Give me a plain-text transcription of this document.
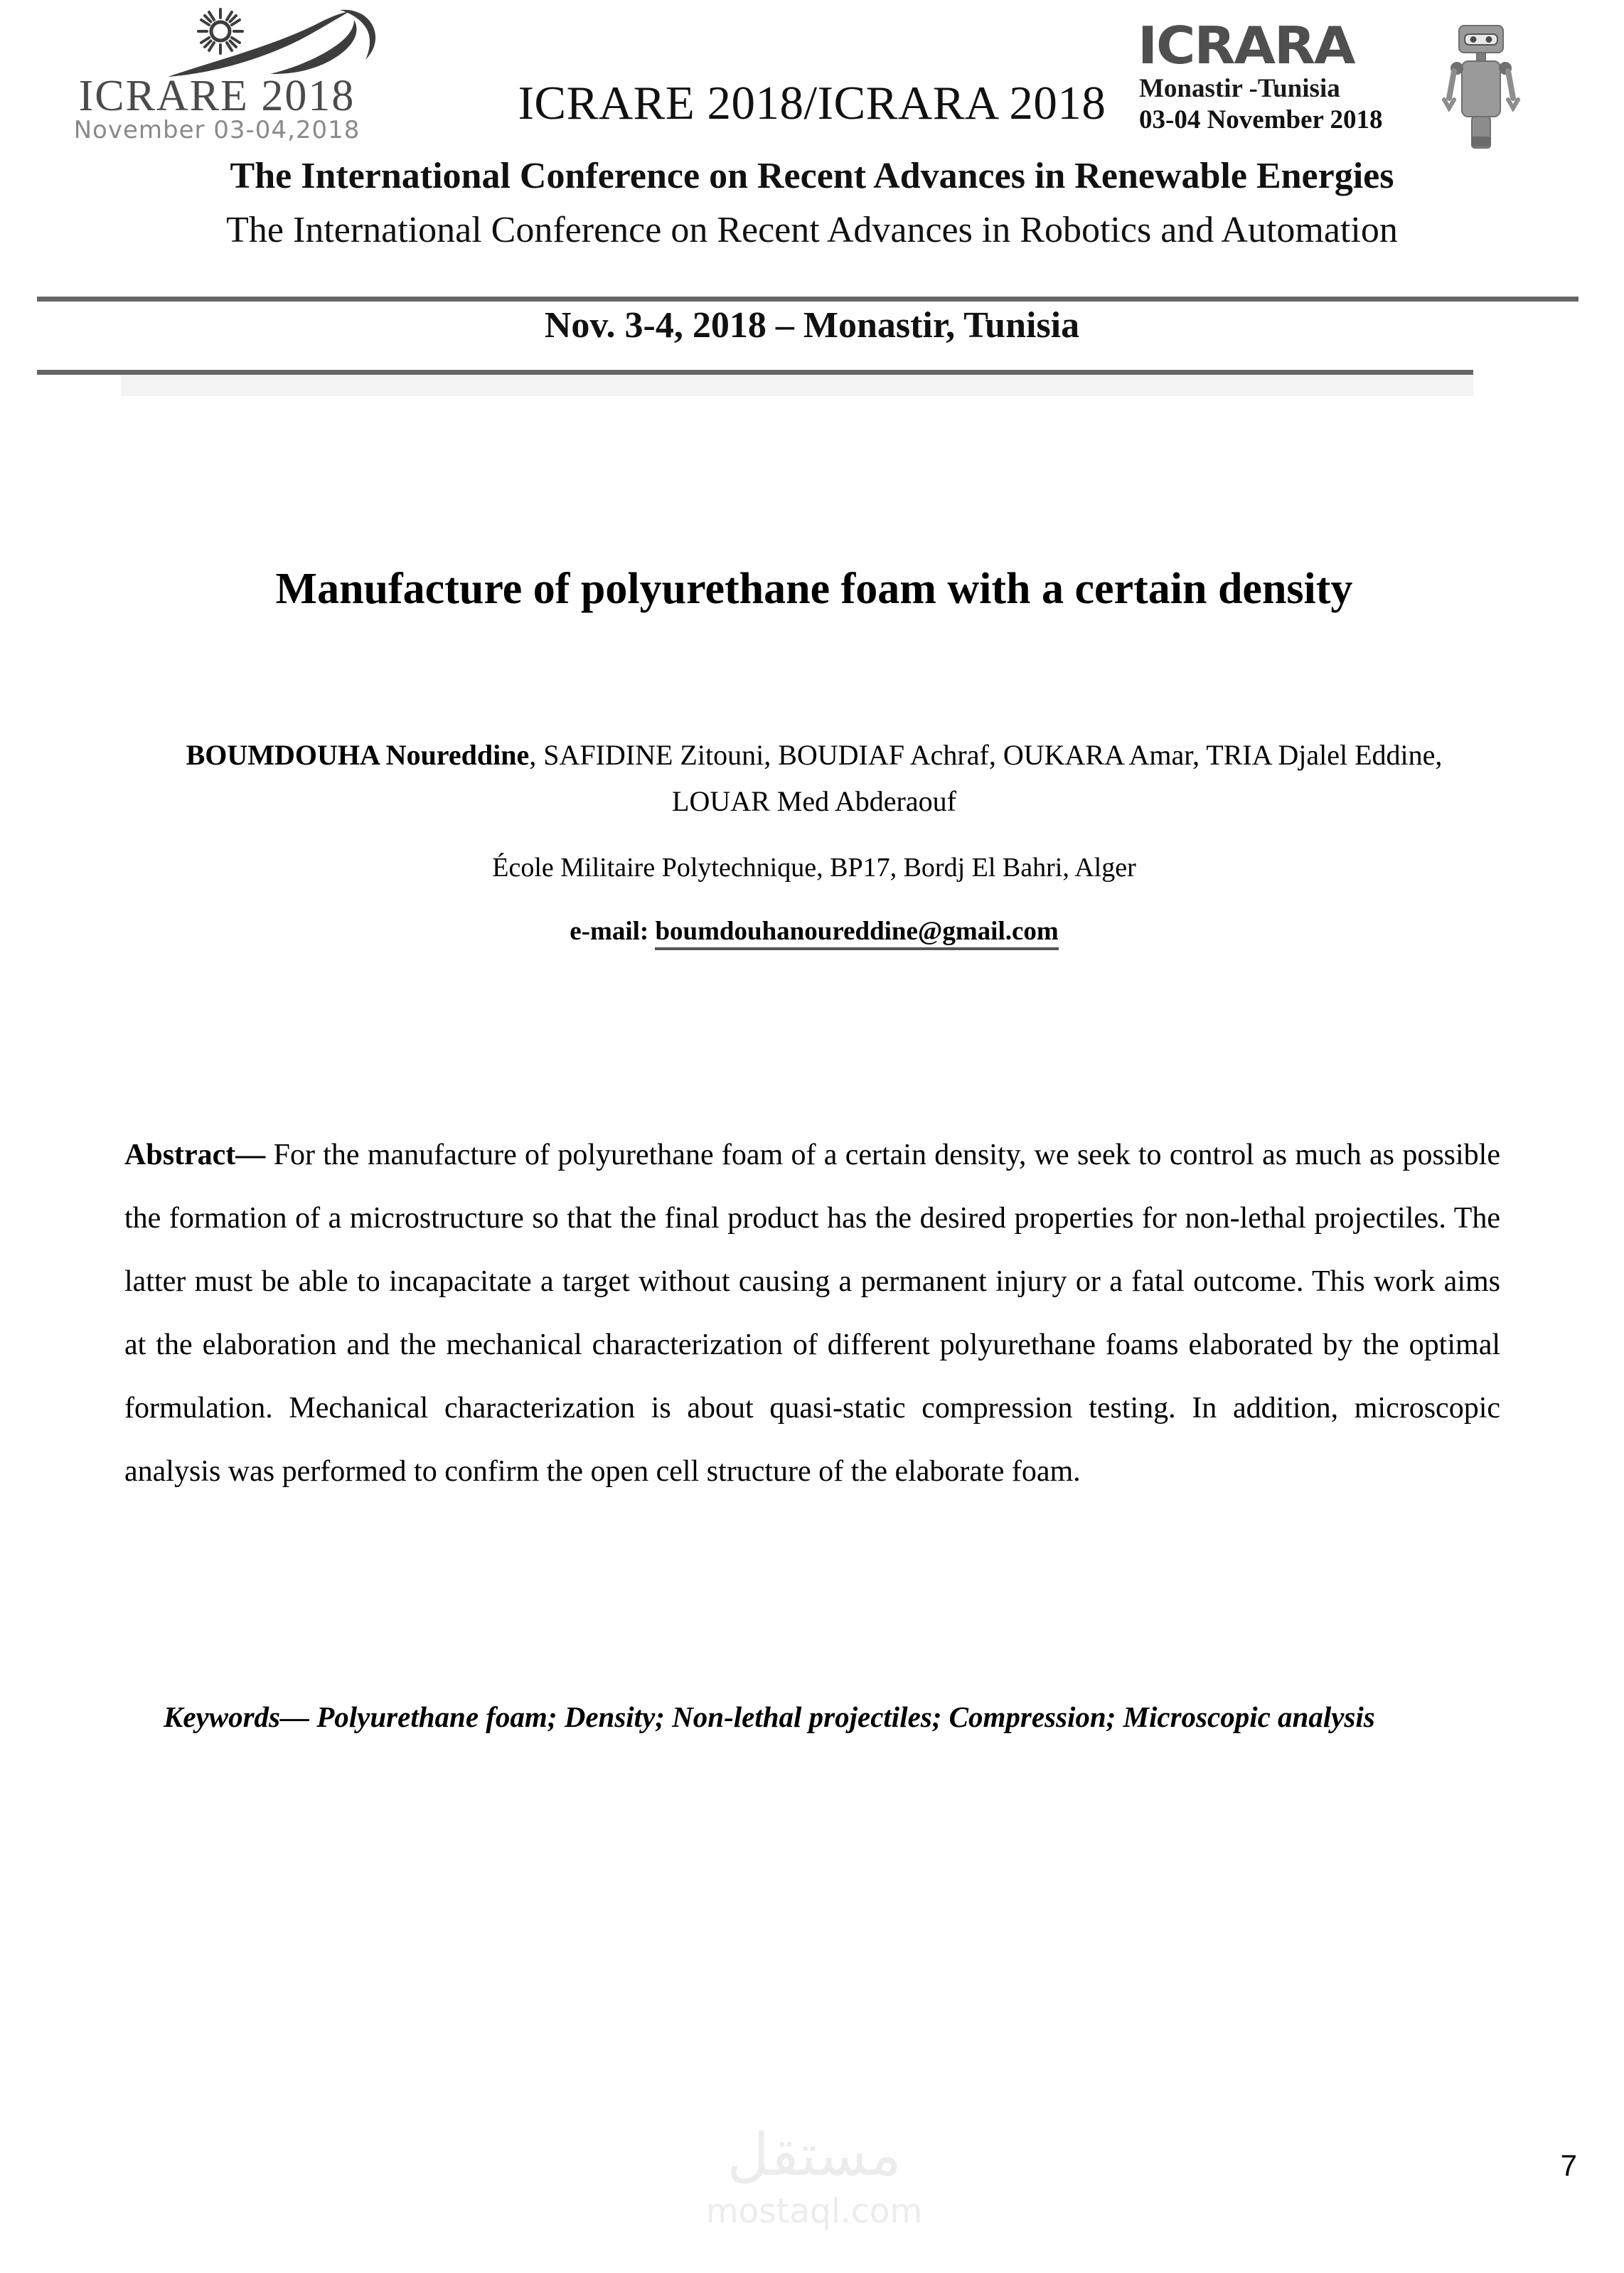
ICRARE 2018
November 03-04,2018
ICRARA
Monastir -Tunisia
03-04 November 2018
ICRARE 2018/ICRARA 2018
The International Conference on Recent Advances in Renewable Energies
The International Conference on Recent Advances in Robotics and Automation
Nov. 3-4, 2018 – Monastir, Tunisia
Manufacture of polyurethane foam with a certain density
BOUMDOUHA Noureddine, SAFIDINE Zitouni, BOUDIAF Achraf, OUKARA Amar, TRIA Djalel Eddine, LOUAR Med Abderaouf
École Militaire Polytechnique, BP17, Bordj El Bahri, Alger
e-mail: boumdouhanoureddine@gmail.com
Abstract— For the manufacture of polyurethane foam of a certain density, we seek to control as much as possible the formation of a microstructure so that the final product has the desired properties for non-lethal projectiles. The latter must be able to incapacitate a target without causing a permanent injury or a fatal outcome. This work aims at the elaboration and the mechanical characterization of different polyurethane foams elaborated by the optimal formulation. Mechanical characterization is about quasi-static compression testing. In addition, microscopic analysis was performed to confirm the open cell structure of the elaborate foam.
Keywords— Polyurethane foam; Density; Non-lethal projectiles; Compression; Microscopic analysis
مستقل
mostaql.com
7
